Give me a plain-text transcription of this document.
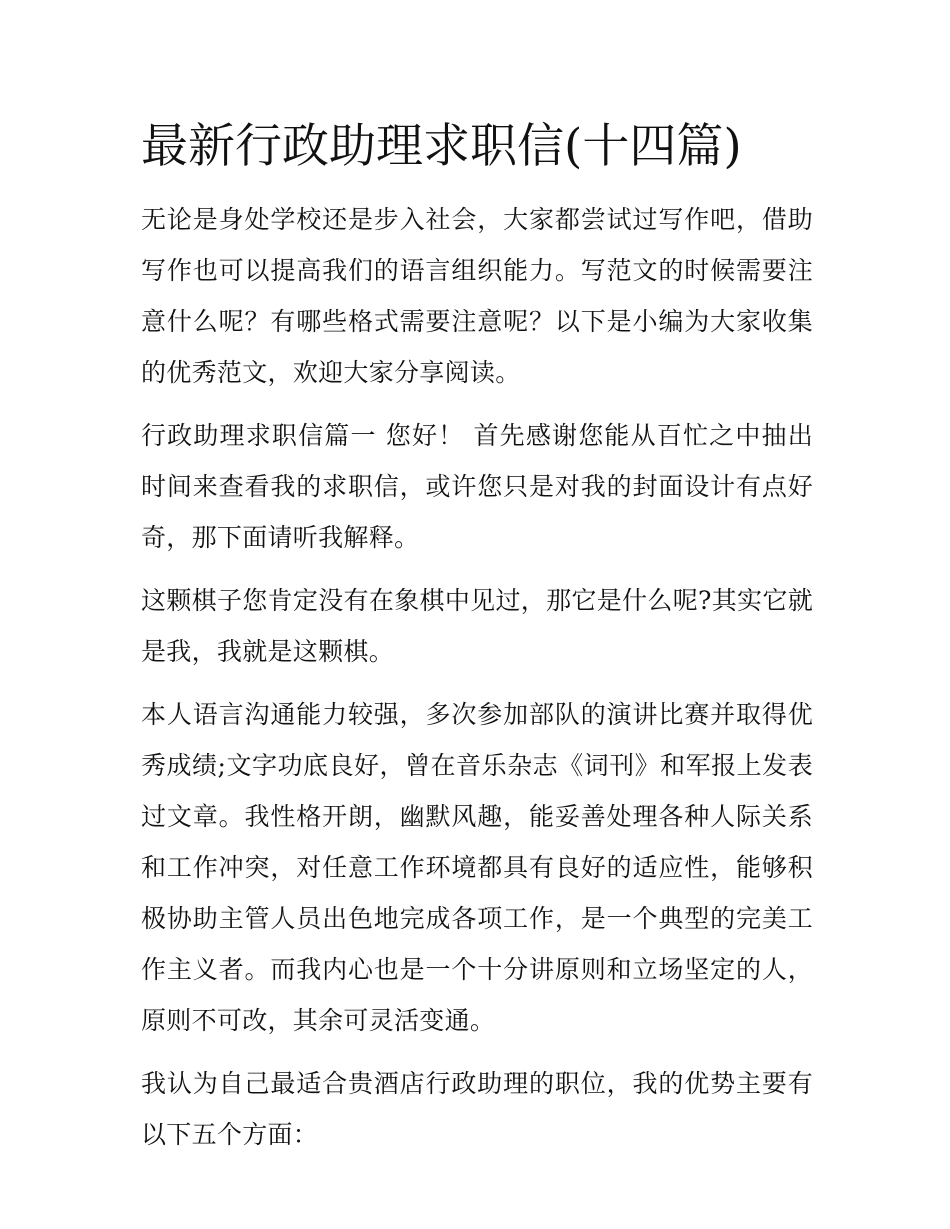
最新行政助理求职信(十四篇)

无论是身处学校还是步入社会，大家都尝试过写作吧，借助写作也可以提高我们的语言组织能力。写范文的时候需要注意什么呢？有哪些格式需要注意呢？以下是小编为大家收集的优秀范文，欢迎大家分享阅读。

行政助理求职信篇一 您好！ 首先感谢您能从百忙之中抽出时间来查看我的求职信，或许您只是对我的封面设计有点好奇，那下面请听我解释。

这颗棋子您肯定没有在象棋中见过，那它是什么呢?其实它就是我，我就是这颗棋。

本人语言沟通能力较强，多次参加部队的演讲比赛并取得优秀成绩;文字功底良好，曾在音乐杂志《词刊》和军报上发表过文章。我性格开朗，幽默风趣，能妥善处理各种人际关系和工作冲突，对任意工作环境都具有良好的适应性，能够积极协助主管人员出色地完成各项工作，是一个典型的完美工作主义者。而我内心也是一个十分讲原则和立场坚定的人，原则不可改，其余可灵活变通。

我认为自己最适合贵酒店行政助理的职位，我的优势主要有以下五个方面：
